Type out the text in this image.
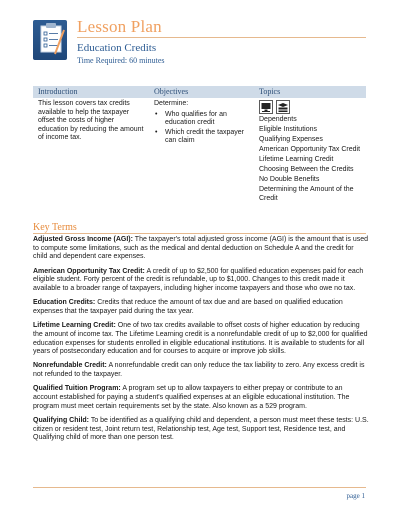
Lesson Plan
Education Credits
Time Required: 60 minutes
Introduction	Objectives	Topics
This lesson covers tax credits available to help the taxpayer offset the costs of higher education by reducing the amount of income tax.
Determine:
• Who qualifies for an education credit
• Which credit the taxpayer can claim
Dependents
Eligible Institutions
Qualifying Expenses
American Opportunity Tax Credit
Lifetime Learning Credit
Choosing Between the Credits
No Double Benefits
Determining the Amount of the Credit
Key Terms

Adjusted Gross Income (AGI): The taxpayer's total adjusted gross income (AGI) is the amount that is used to compute some limitations, such as the medical and dental deduction on Schedule A and the credit for child and dependent care expenses.

American Opportunity Tax Credit: A credit of up to $2,500 for qualified education expenses paid for each eligible student. Forty percent of the credit is refundable, up to $1,000. Changes to this credit made it available to a broader range of taxpayers, including higher income taxpayers and those who owe no tax.

Education Credits: Credits that reduce the amount of tax due and are based on qualified education expenses that the taxpayer paid during the tax year.

Lifetime Learning Credit: One of two tax credits available to offset costs of higher education by reducing the amount of income tax. The Lifetime Learning credit is a nonrefundable credit of up to $2,000 for qualified education expenses for students enrolled in eligible educational institutions. It is available to students for all years of postsecondary education and for courses to acquire or improve job skills.

Nonrefundable Credit: A nonrefundable credit can only reduce the tax liability to zero. Any excess credit is not refunded to the taxpayer.

Qualified Tuition Program: A program set up to allow taxpayers to either prepay or contribute to an account established for paying a student's qualified expenses at an eligible educational institution. The program must meet certain requirements set by the state. Also known as a 529 program.

Qualifying Child: To be identified as a qualifying child and dependent, a person must meet these tests: U.S. citizen or resident test, Joint return test, Relationship test, Age test, Support test, Residence test, and Qualifying child of more than one person test.

page 1
